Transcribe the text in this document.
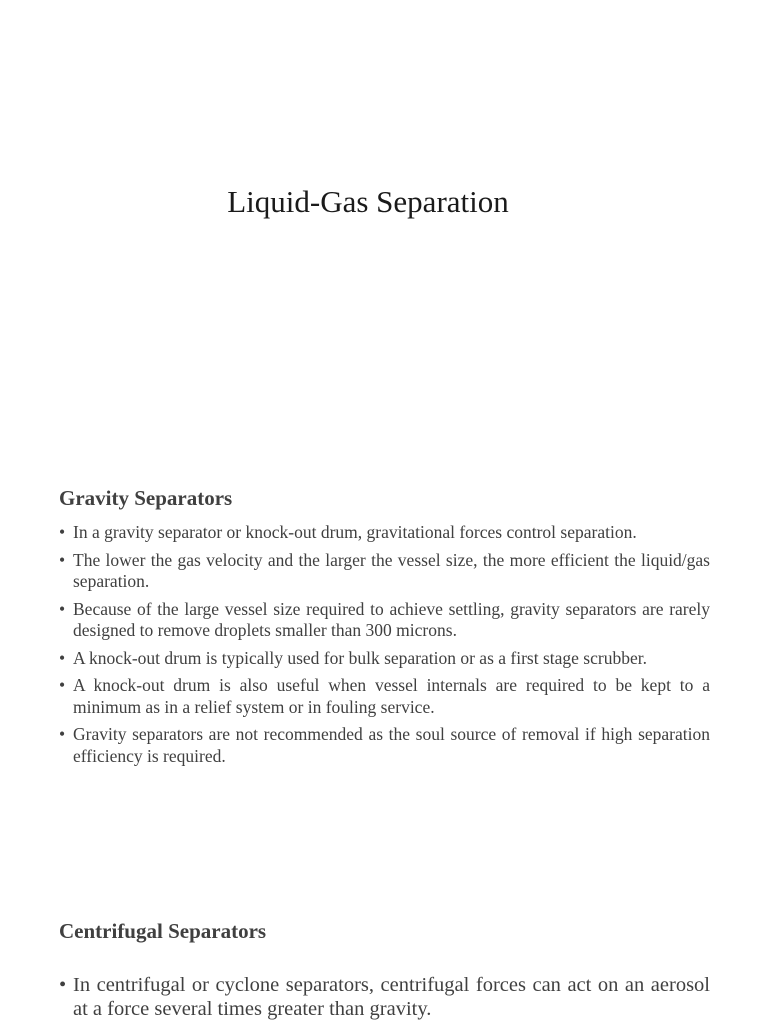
Liquid-Gas Separation
Gravity Separators
• In a gravity separator or knock-out drum, gravitational forces control separation.
• The lower the gas velocity and the larger the vessel size, the more efficient the liquid/gas separation.
• Because of the large vessel size required to achieve settling, gravity separators are rarely designed to remove droplets smaller than 300 microns.
• A knock-out drum is typically used for bulk separation or as a first stage scrubber.
• A knock-out drum is also useful when vessel internals are required to be kept to a minimum as in a relief system or in fouling service.
• Gravity separators are not recommended as the soul source of removal if high separation efficiency is required.
Centrifugal Separators
• In centrifugal or cyclone separators, centrifugal forces can act on an aerosol at a force several times greater than gravity.
